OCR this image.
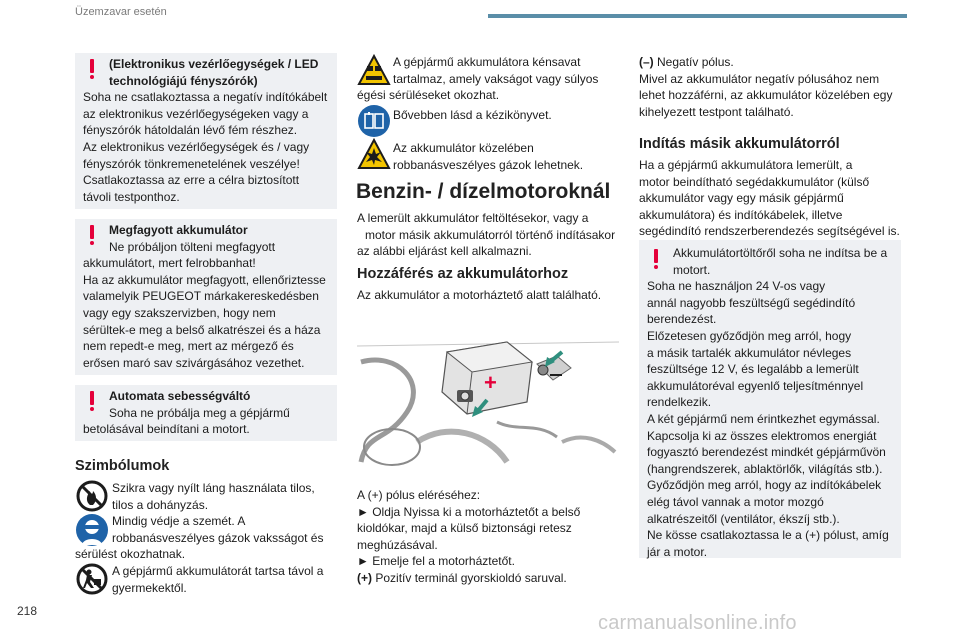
Üzemzavar esetén
(Elektronikus vezérlőegységek / LED
technológiájú fényszórók)
Soha ne csatlakoztassa a negatív indítókábelt
az elektronikus vezérlőegységeken vagy a
fényszórók hátoldalán lévő fém részhez.
Az elektronikus vezérlőegységek és / vagy
fényszórók tönkremenetelének veszélye!
Csatlakoztassa az erre a célra biztosított
távoli testponthoz.
Megfagyott akkumulátor
Ne próbáljon tölteni megfagyott
akkumulátort, mert felrobbanhat!
Ha az akkumulátor megfagyott, ellenőriztesse
valamelyik PEUGEOT márkakereskedésben
vagy egy szakszervizben, hogy nem
sérültek-e meg a belső alkatrészei és a háza
nem repedt-e meg, mert az mérgező és
erősen maró sav szivárgásához vezethet.
Automata sebességváltó
Soha ne próbálja meg a gépjármű
betolásával beindítani a motort.
Szimbólumok
Szikra vagy nyílt láng használata tilos,
tilos a dohányzás.
Mindig védje a szemét. A
robbanásveszélyes gázok vaksságot és
sérülést okozhatnak.
A gépjármű akkumulátorát tartsa távol a
gyermekektől.
A gépjármű akkumulátora kénsavat
tartalmaz, amely vakságot vagy súlyos
égési sérüléseket okozhat.
Bővebben lásd a kézikönyvet.
Az akkumulátor közelében
robbanásveszélyes gázok lehetnek.
Benzin- / dízelmotoroknál
A lemerült akkumulátor feltöltésekor, vagy a
motor másik akkumulátorról történő indításakor
az alábbi eljárást kell alkalmazni.
Hozzáférés az akkumulátorhoz
Az akkumulátor a motorháztető alatt található.
+
A (+) pólus eléréséhez:
► Oldja Nyissa ki a motorháztetőt a belső
kioldókar, majd a külső biztonsági retesz
meghúzásával.
► Emelje fel a motorháztetőt.
(+) Pozitív terminál gyorskioldó saruval.
(–) Negatív pólus.
Mivel az akkumulátor negatív pólusához nem
lehet hozzáférni, az akkumulátor közelében egy
kihelyezett testpont található.
Indítás másik akkumulátorról
Ha a gépjármű akkumulátora lemerült, a
motor beindítható segédakkumulátor (külső
akkumulátor vagy egy másik gépjármű
akkumulátora) és indítókábelek, illetve
segédindító rendszerberendezés segítségével is.
Akkumulátortöltőről soha ne indítsa be a
motort.
Soha ne használjon 24 V-os vagy
annál nagyobb feszültségű segédindító
berendezést.
Előzetesen győződjön meg arról, hogy
a másik tartalék akkumulátor névleges
feszültsége 12 V, és legalább a lemerült
akkumulátoréval egyenlő teljesítménnyel
rendelkezik.
A két gépjármű nem érintkezhet egymással.
Kapcsolja ki az összes elektromos energiát
fogyasztó berendezést mindkét gépjárművön
(hangrendszerek, ablaktörlők, világítás stb.).
Győződjön meg arról, hogy az indítókábelek
elég távol vannak a motor mozgó
alkatrészeitől (ventilátor, ékszíj stb.).
Ne kösse csatlakoztassa le a (+) pólust, amíg
jár a motor.
218
carmanualsonline.info
